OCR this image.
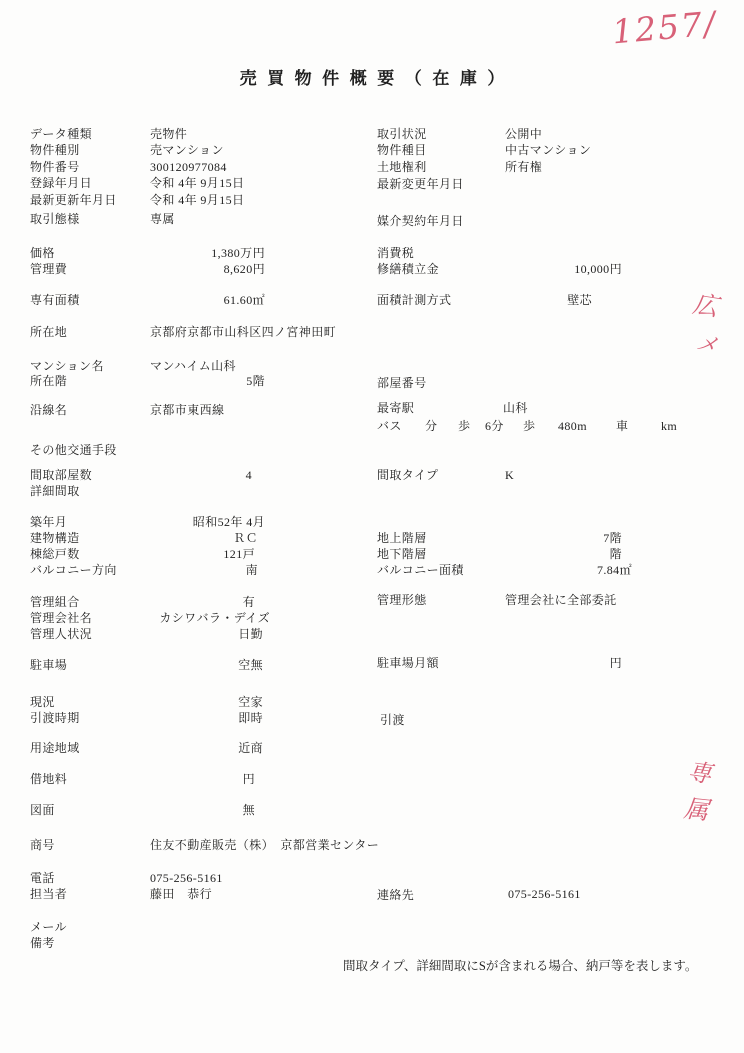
1257/
広
メ
専
属
売買物件概要（在庫）
データ種類	売物件	取引状況	公開中
物件種別	売マンション	物件種目	中古マンション
物件番号	300120977084	土地権利	所有権
登録年月日	令和 4年 9月15日	最新変更年月日
最新更新年月日	令和 4年 9月15日
取引態様	専属	媒介契約年月日
価格	1,380万円	消費税
管理費	8,620円	修繕積立金	10,000円
専有面積	61.60㎡	面積計測方式	壁芯
所在地	京都府京都市山科区四ノ宮神田町
マンション名	マンハイム山科
所在階	5階	部屋番号
沿線名	京都市東西線	最寄駅	山科
バス 分 歩 6分 歩 480m 車	km
その他交通手段
間取部屋数	4	間取タイプ	K
詳細間取
築年月	昭和52年 4月
建物構造	ＲＣ	地上階層	7階
棟総戸数	121戸	地下階層	階
バルコニー方向	南	バルコニー面積	7.84㎡
管理組合	有	管理形態	管理会社に全部委託
管理会社名	カシワバラ・デイズ
管理人状況	日勤
駐車場	空無	駐車場月額	円
現況	空家
引渡時期	即時	引渡
用途地域	近商
借地料	円
図面	無
商号	住友不動産販売（株）　京都営業センター
電話	075-256-5161
担当者	藤田　恭行	連絡先	075-256-5161
メール
備考
間取タイプ、詳細間取にSが含まれる場合、納戸等を表します。
